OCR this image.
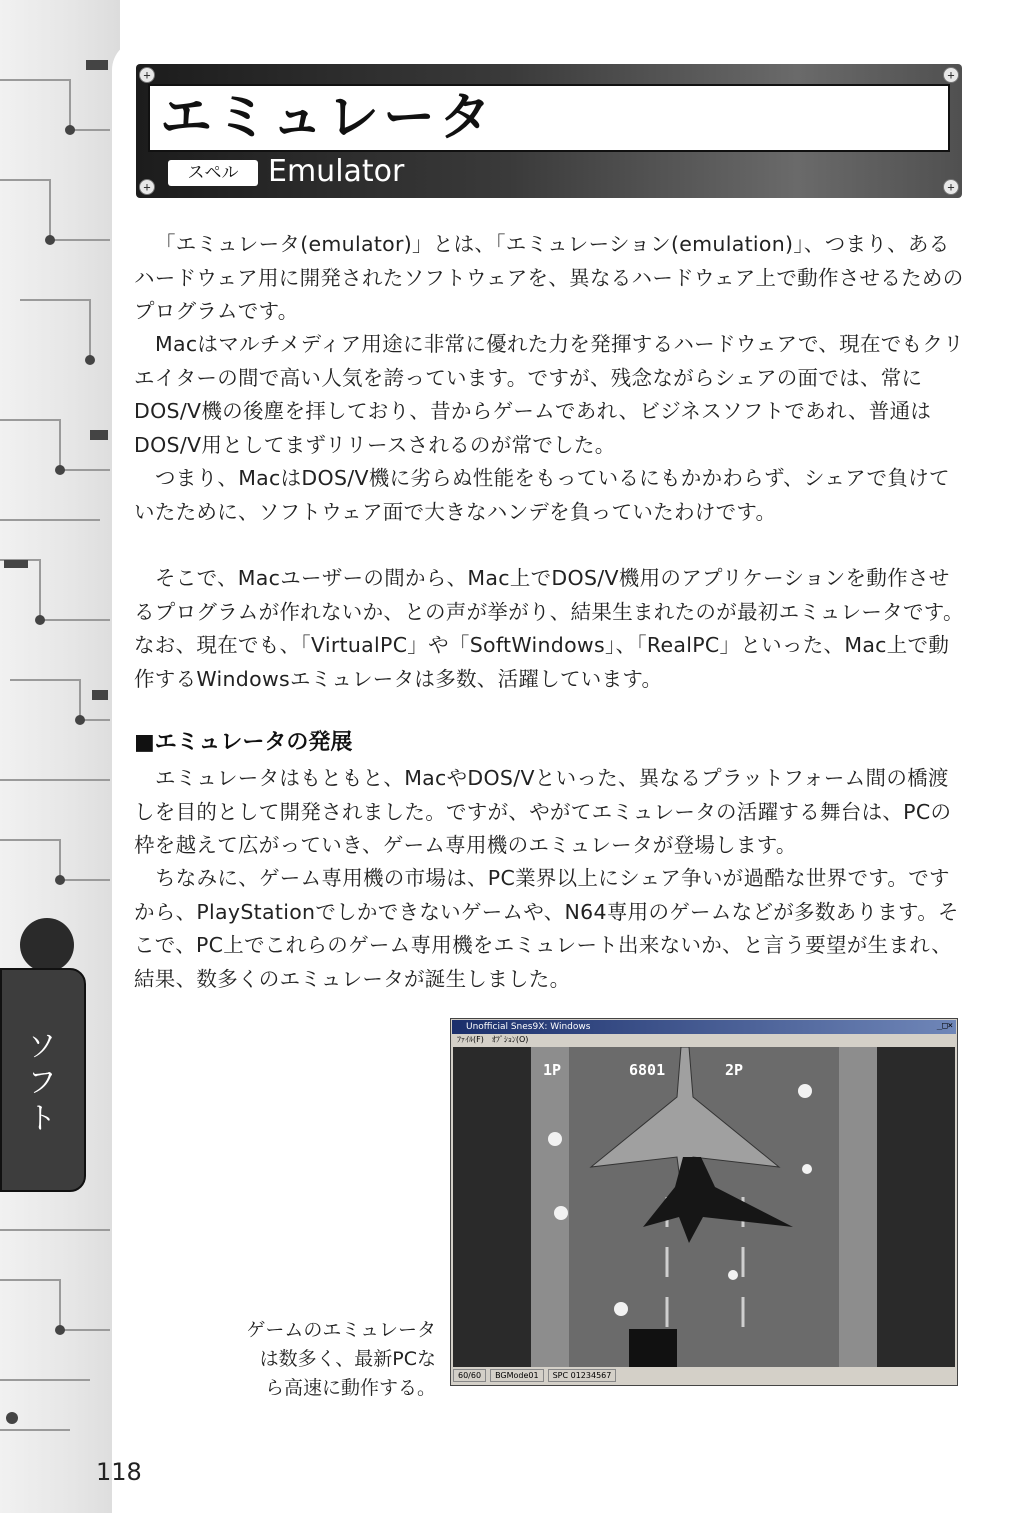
+	+
+	+
エミュレータ
スペル Emulator

「エミュレータ(emulator)」とは、「エミュレーション(emulation)」、つまり、あるハードウェア用に開発されたソフトウェアを、異なるハードウェア上で動作させるためのプログラムです。

Macはマルチメディア用途に非常に優れた力を発揮するハードウェアで、現在でもクリエイターの間で高い人気を誇っています。ですが、残念ながらシェアの面では、常にDOS/V機の後塵を拝しており、昔からゲームであれ、ビジネスソフトであれ、普通はDOS/V用としてまずリリースされるのが常でした。

つまり、MacはDOS/V機に劣らぬ性能をもっているにもかかわらず、シェアで負けていたために、ソフトウェア面で大きなハンデを負っていたわけです。

そこで、Macユーザーの間から、Mac上でDOS/V機用のアプリケーションを動作させるプログラムが作れないか、との声が挙がり、結果生まれたのが最初エミュレータです。なお、現在でも、「VirtualPC」や「SoftWindows」、「RealPC」といった、Mac上で動作するWindowsエミュレータは多数、活躍しています。

■エミュレータの発展

エミュレータはもともと、MacやDOS/Vといった、異なるプラットフォーム間の橋渡しを目的として開発されました。ですが、やがてエミュレータの活躍する舞台は、PCの枠を越えて広がっていき、ゲーム専用機のエミュレータが登場します。

ちなみに、ゲーム専用機の市場は、PC業界以上にシェア争いが過酷な世界です。ですから、PlayStationでしかできないゲームや、N64専用のゲームなどが多数あります。そこで、PC上でこれらのゲーム専用機をエミュレート出来ないか、と言う要望が生まれ、結果、数多くのエミュレータが誕生しました。

ソフト
Unofficial Snes9X: Windows	_□×
ﾌｧｲﾙ(F)　ｵﾌﾟｼｮﾝ(O)
1P	6801	2P
60/60 BGMode01 SPC 01234567
ゲームのエミュレータ
は数多く、最新PCな
ら高速に動作する。
118
